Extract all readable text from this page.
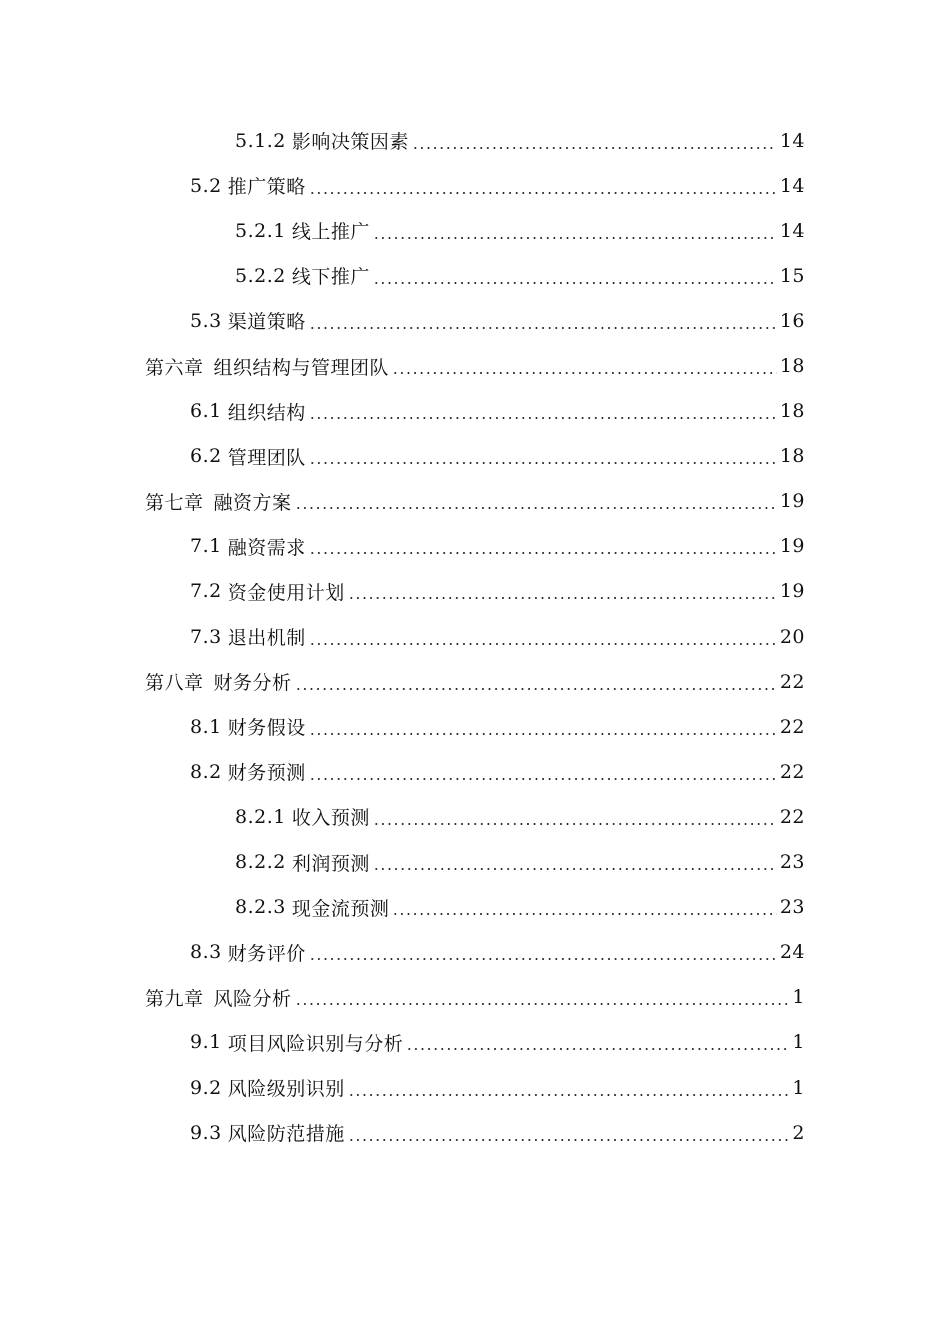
5.1.2 影响决策因素	14
5.2 推广策略	14
5.2.1 线上推广	14
5.2.2 线下推广	15
5.3 渠道策略	16
第六章 组织结构与管理团队	18
6.1 组织结构	18
6.2 管理团队	18
第七章 融资方案	19
7.1 融资需求	19
7.2 资金使用计划	19
7.3 退出机制	20
第八章 财务分析	22
8.1 财务假设	22
8.2 财务预测	22
8.2.1 收入预测	22
8.2.2 利润预测	23
8.2.3 现金流预测	23
8.3 财务评价	24
第九章 风险分析	1
9.1 项目风险识别与分析	1
9.2 风险级别识别	1
9.3 风险防范措施	2
